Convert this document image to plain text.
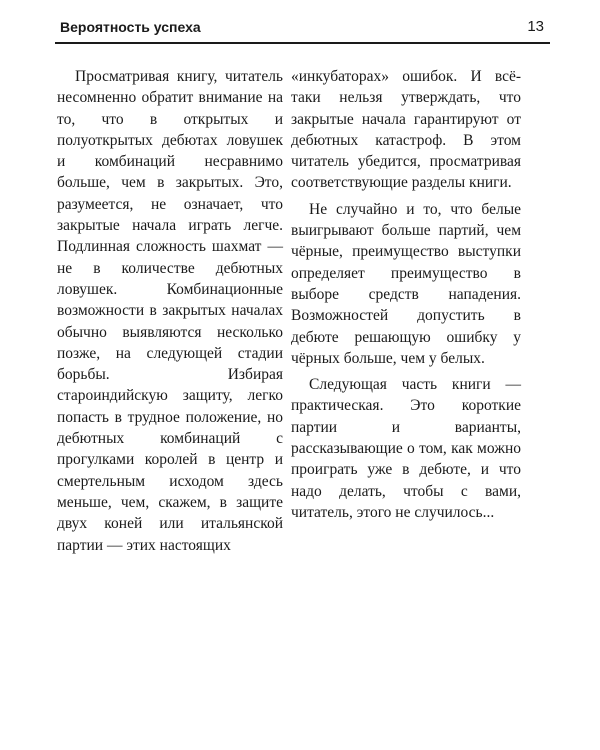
Вероятность успеха	13

Просматривая книгу, читатель несомненно обратит внимание на то, что в открытых и полуоткрытых дебютах ловушек и комбинаций несравнимо больше, чем в закрытых. Это, разумеется, не означает, что закрытые начала играть легче. Подлинная сложность шахмат — не в количестве дебютных ловушек. Комбинационные возможности в закрытых началах обычно выявляются несколько позже, на следующей стадии борьбы. Избирая староиндийскую защиту, легко попасть в трудное положение, но дебютных комбинаций с прогулками королей в центр и смертельным исходом здесь меньше, чем, скажем, в защите двух коней или итальянской партии — этих настоящих

«инкубаторах» ошибок. И всё-таки нельзя утверждать, что закрытые начала гарантируют от дебютных катастроф. В этом читатель убедится, просматривая соответствующие разделы книги.

Не случайно и то, что белые выигрывают больше партий, чем чёрные, преимущество выступки определяет преимущество в выборе средств нападения. Возможностей допустить в дебюте решающую ошибку у чёрных больше, чем у белых.

Следующая часть книги — практическая. Это короткие партии и варианты, рассказывающие о том, как можно проиграть уже в дебюте, и что надо делать, чтобы с вами, читатель, этого не случилось...
